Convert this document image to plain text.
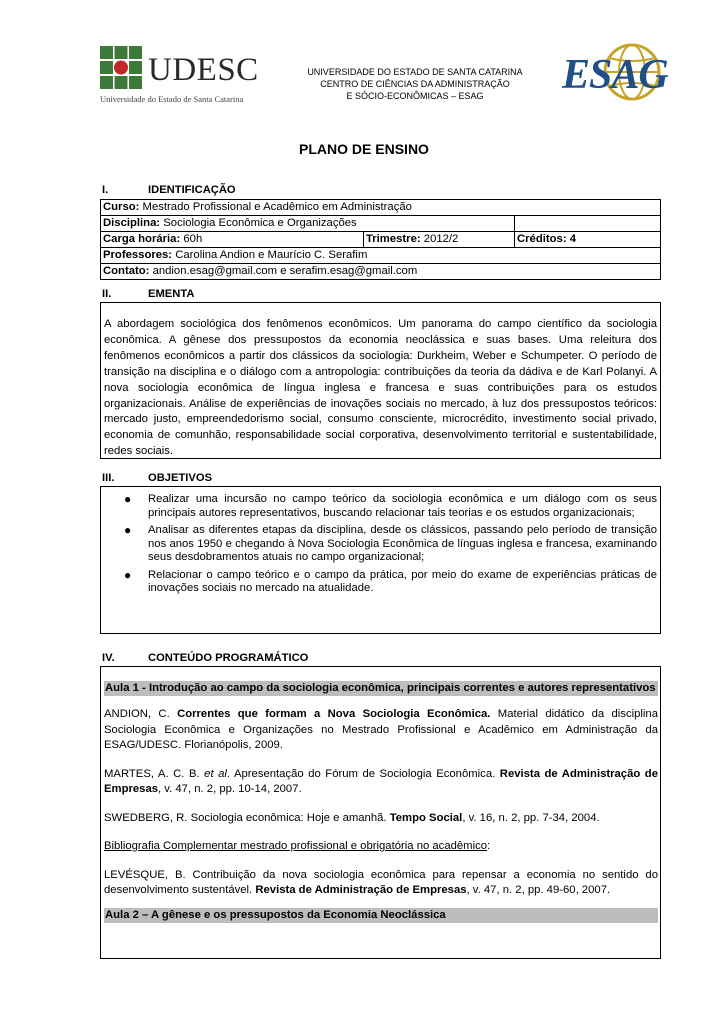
UDESC
Universidade do Estado de Santa Catarina
UNIVERSIDADE DO ESTADO DE SANTA CATARINA
CENTRO DE CIÊNCIAS DA ADMINISTRAÇÃO
E SÓCIO-ECONÔMICAS – ESAG	ESAG
PLANO DE ENSINO
I.	IDENTIFICAÇÃO
Curso: Mestrado Profissional e Acadêmico em Administração		
Disciplina: Sociologia Econômica e Organizações		
Carga horária: 60h	Trimestre: 2012/2	Créditos: 4
Professores: Carolina Andion e Maurício C. Serafim		
Contato: andion.esag@gmail.com e serafim.esag@gmail.com		
II.	EMENTA

A abordagem sociológica dos fenômenos econômicos. Um panorama do campo científico da sociologia econômica. A gênese dos pressupostos da economia neoclássica e suas bases. Uma releitura dos fenômenos econômicos a partir dos clássicos da sociologia: Durkheim, Weber e Schumpeter. O período de transição na disciplina e o diálogo com a antropologia: contribuições da teoria da dádiva e de Karl Polanyi. A nova sociologia econômica de língua inglesa e francesa e suas contribuições para os estudos organizacionais. Análise de experiências de inovações sociais no mercado, à luz dos pressupostos teóricos: mercado justo, empreendedorismo social, consumo consciente, microcrédito, investimento social privado, economia de comunhão, responsabilidade social corporativa, desenvolvimento territorial e sustentabilidade, redes sociais.

III.	OBJETIVOS
● Realizar uma incursão no campo teórico da sociologia econômica e um diálogo com os seus principais autores representativos, buscando relacionar tais teorias e os estudos organizacionais;
● Analisar as diferentes etapas da disciplina, desde os clássicos, passando pelo período de transição nos anos 1950 e chegando à Nova Sociologia Econômica de línguas inglesa e francesa, examinando seus desdobramentos atuais no campo organizacional;
● Relacionar o campo teórico e o campo da prática, por meio do exame de experiências práticas de inovações sociais no mercado na atualidade.
IV.	CONTEÚDO PROGRAMÁTICO
Aula 1 - Introdução ao campo da sociologia econômica, principais correntes e autores representativos

ANDION, C. Correntes que formam a Nova Sociologia Econômica. Material didático da disciplina Sociologia Econômica e Organizações no Mestrado Profissional e Acadêmico em Administração da ESAG/UDESC. Florianópolis, 2009.

MARTES, A. C. B. et al. Apresentação do Fórum de Sociologia Econômica. Revista de Administração de Empresas, v. 47, n. 2, pp. 10-14, 2007.

SWEDBERG, R. Sociologia econômica: Hoje e amanhã. Tempo Social, v. 16, n. 2, pp. 7-34, 2004.

Bibliografia Complementar mestrado profissional e obrigatória no acadêmico:

LEVÉSQUE, B. Contribuição da nova sociologia econômica para repensar a economia no sentido do desenvolvimento sustentável. Revista de Administração de Empresas, v. 47, n. 2, pp. 49-60, 2007.

Aula 2 – A gênese e os pressupostos da Economia Neoclássica
